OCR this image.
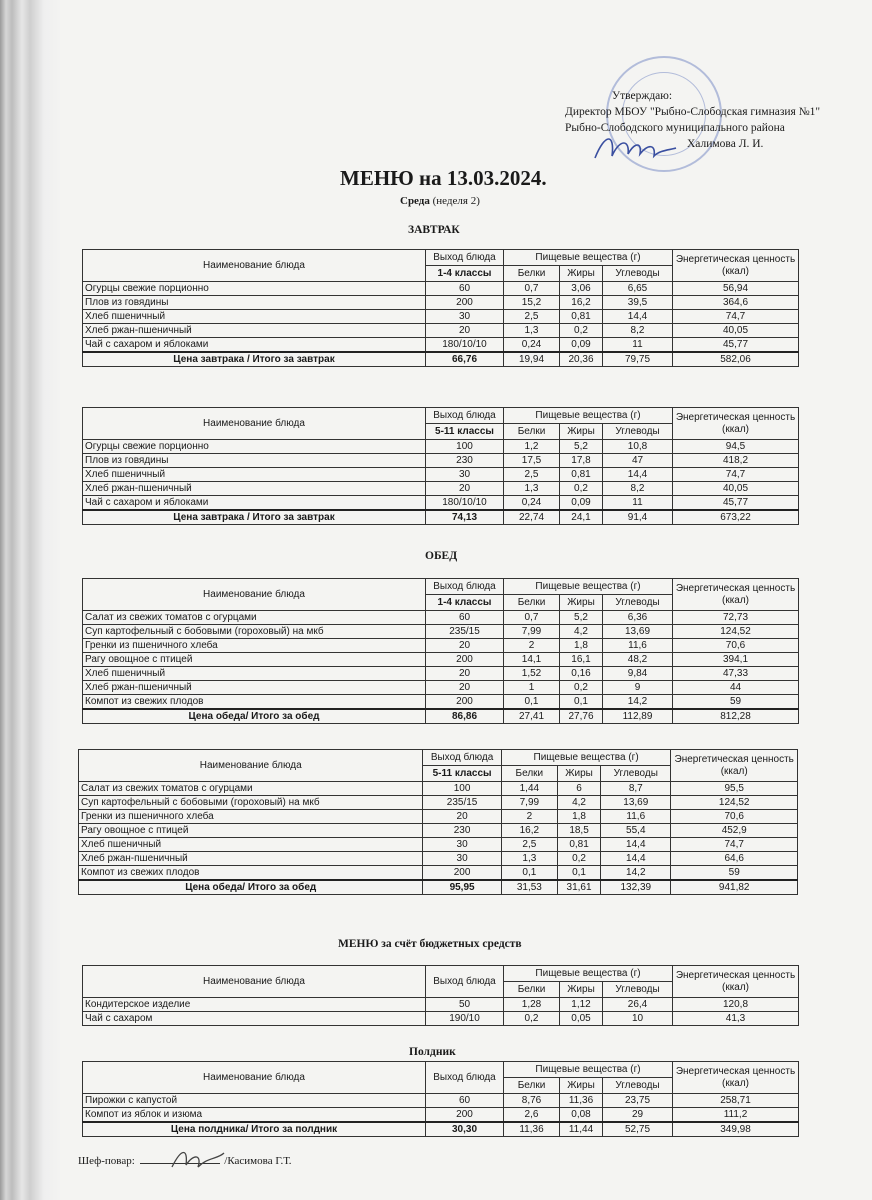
Утверждаю:
Директор МБОУ "Рыбно-Слободская гимназия №1"
Рыбно-Слободского муниципального района
Халимова Л. И.
МЕНЮ на 13.03.2024.
Среда (неделя 2)
ЗАВТРАК
Наименование блюда	Выход блюда	Пищевые вещества (г)			Энергетическая ценность (ккал)
	1-4 классы	Белки	Жиры	Углеводы	
Огурцы свежие порционно	60	0,7	3,06	6,65	56,94
Плов из говядины	200	15,2	16,2	39,5	364,6
Хлеб пшеничный	30	2,5	0,81	14,4	74,7
Хлеб ржан-пшеничный	20	1,3	0,2	8,2	40,05
Чай с сахаром и яблоками	180/10/10	0,24	0,09	11	45,77
Цена завтрака / Итого за завтрак	66,76	19,94	20,36	79,75	582,06
Наименование блюда	Выход блюда	Пищевые вещества (г)			Энергетическая ценность (ккал)
	5-11 классы	Белки	Жиры	Углеводы	
Огурцы свежие порционно	100	1,2	5,2	10,8	94,5
Плов из говядины	230	17,5	17,8	47	418,2
Хлеб пшеничный	30	2,5	0,81	14,4	74,7
Хлеб ржан-пшеничный	20	1,3	0,2	8,2	40,05
Чай с сахаром и яблоками	180/10/10	0,24	0,09	11	45,77
Цена завтрака / Итого за завтрак	74,13	22,74	24,1	91,4	673,22
ОБЕД
Наименование блюда	Выход блюда	Пищевые вещества (г)			Энергетическая ценность (ккал)
	1-4 классы	Белки	Жиры	Углеводы	
Салат из свежих томатов с огурцами	60	0,7	5,2	6,36	72,73
Суп картофельный с бобовыми (гороховый) на мкб	235/15	7,99	4,2	13,69	124,52
Гренки из пшеничного хлеба	20	2	1,8	11,6	70,6
Рагу овощное с птицей	200	14,1	16,1	48,2	394,1
Хлеб пшеничный	20	1,52	0,16	9,84	47,33
Хлеб ржан-пшеничный	20	1	0,2	9	44
Компот из свежих плодов	200	0,1	0,1	14,2	59
Цена обеда/ Итого за обед	86,86	27,41	27,76	112,89	812,28
Наименование блюда	Выход блюда	Пищевые вещества (г)			Энергетическая ценность (ккал)
	5-11 классы	Белки	Жиры	Углеводы	
Салат из свежих томатов с огурцами	100	1,44	6	8,7	95,5
Суп картофельный с бобовыми (гороховый) на мкб	235/15	7,99	4,2	13,69	124,52
Гренки из пшеничного хлеба	20	2	1,8	11,6	70,6
Рагу овощное с птицей	230	16,2	18,5	55,4	452,9
Хлеб пшеничный	30	2,5	0,81	14,4	74,7
Хлеб ржан-пшеничный	30	1,3	0,2	14,4	64,6
Компот из свежих плодов	200	0,1	0,1	14,2	59
Цена обеда/ Итого за обед	95,95	31,53	31,61	132,39	941,82
МЕНЮ за счёт бюджетных средств
Наименование блюда	Выход блюда	Пищевые вещества (г)			Энергетическая ценность (ккал)
		Белки	Жиры	Углеводы	
Кондитерское изделие	50	1,28	1,12	26,4	120,8
Чай с сахаром	190/10	0,2	0,05	10	41,3
Полдник
Наименование блюда	Выход блюда	Пищевые вещества (г)			Энергетическая ценность (ккал)
		Белки	Жиры	Углеводы	
Пирожки с капустой	60	8,76	11,36	23,75	258,71
Компот из яблок и изюма	200	2,6	0,08	29	111,2
Цена полдника/ Итого за полдник	30,30	11,36	11,44	52,75	349,98
Шеф-повар:	/Касимова Г.Т.
